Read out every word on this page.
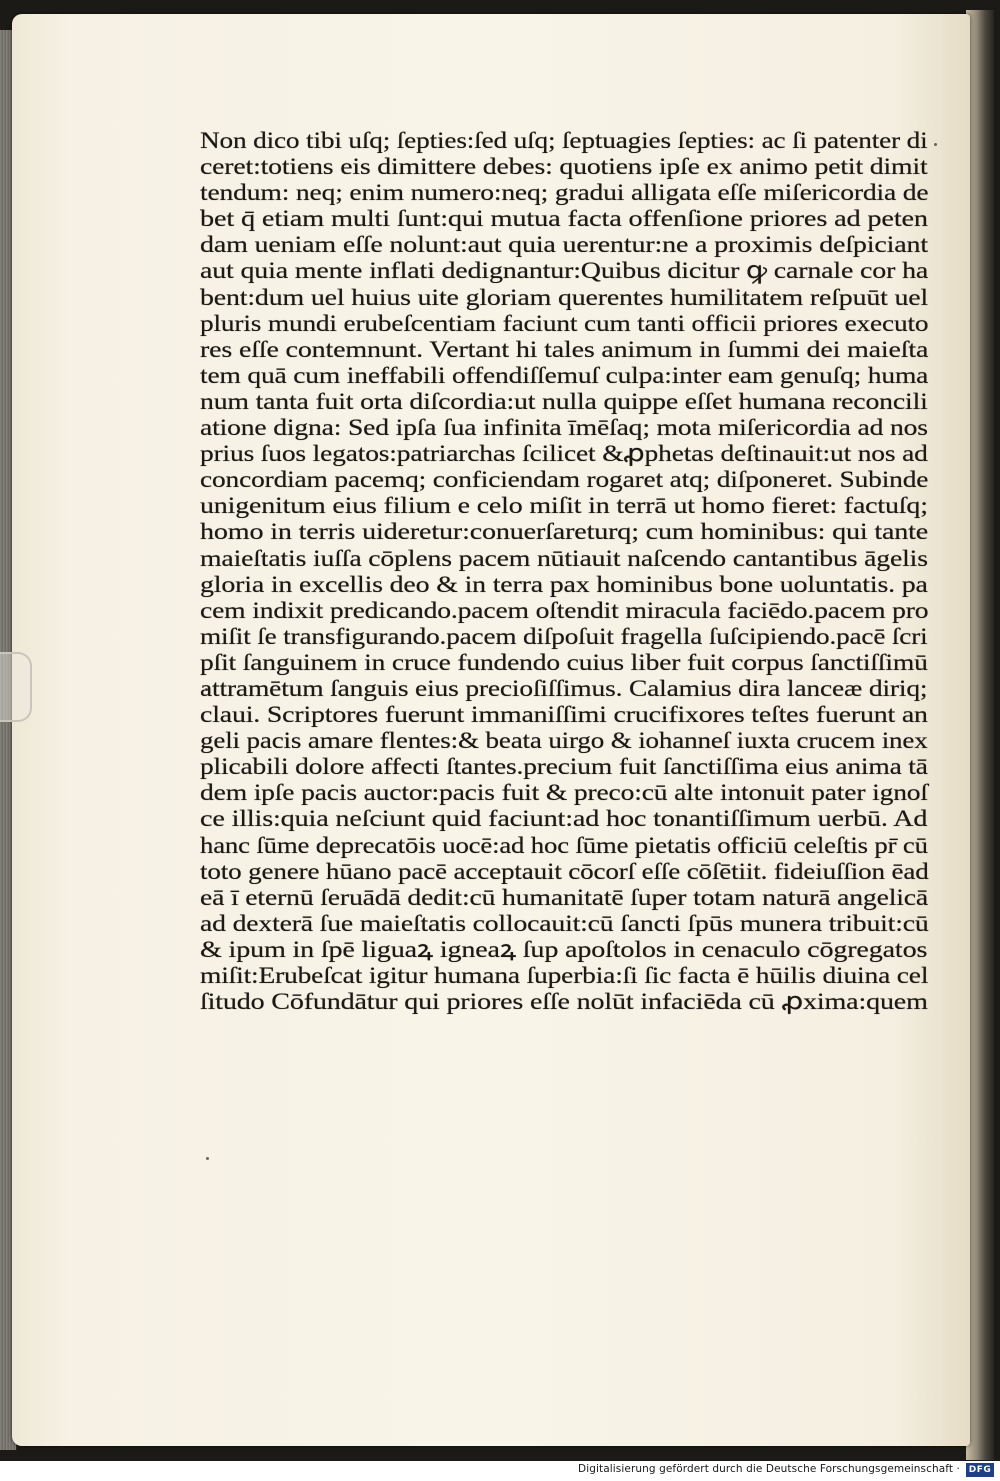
Non dico tibi uſq; ſepties:ſed uſq; ſeptuagies ſepties: ac ſi patenter di
ceret:totiens eis dimittere debes: quotiens ipſe ex animo petit dimit
tendum: neq; enim numero:neq; gradui alligata eſſe miſericordia de
bet q̄ etiam multi ſunt:qui mutua facta offenſione priores ad peten
dam ueniam eſſe nolunt:aut quia uerentur:ne a proximis deſpiciant
aut quia mente inflati dedignantur:Quibus dicitur ꝙ carnale cor ha
bent:dum uel huius uite gloriam querentes humilitatem reſpuūt uel
pluris mundi erubeſcentiam faciunt cum tanti officii priores executo
res eſſe contemnunt. Vertant hi tales animum in ſummi dei maieſta
tem quā cum ineffabili offendiſſemuſ culpa:inter eam genuſq; huma
num tanta fuit orta diſcordia:ut nulla quippe eſſet humana reconcili
atione digna: Sed ipſa ſua infinita īmēſaq; mota miſericordia ad nos
prius ſuos legatos:patriarchas ſcilicet &ꝓphetas deſtinauit:ut nos ad
concordiam pacemq; conficiendam rogaret atq; diſponeret. Subinde
unigenitum eius filium e celo miſit in terrā ut homo fieret: factuſq;
homo in terris uideretur:conuerſareturq; cum hominibus: qui tante
maieſtatis iuſſa cōplens pacem nūtiauit naſcendo cantantibus āgelis
gloria in excellis deo & in terra pax hominibus bone uoluntatis. pa
cem indixit predicando.pacem oſtendit miracula faciēdo.pacem pro
miſit ſe transfigurando.pacem diſpoſuit fragella ſuſcipiendo.pacē ſcri
pſit ſanguinem in cruce fundendo cuius liber fuit corpus ſanctiſſimū
attramētum ſanguis eius precioſiſſimus. Calamius dira lanceæ diriq;
claui. Scriptores fuerunt immaniſſimi crucifixores teſtes fuerunt an
geli pacis amare flentes:& beata uirgo & iohanneſ iuxta crucem inex
plicabili dolore affecti ſtantes.precium fuit ſanctiſſima eius anima tā
dem ipſe pacis auctor:pacis fuit & preco:cū alte intonuit pater ignoſ
ce illis:quia neſciunt quid faciunt:ad hoc tonantiſſimum uerbū. Ad
hanc ſūme deprecatōis uocē:ad hoc ſūme pietatis officiū celeſtis pr̄ cū
toto genere hūano pacē acceptauit cōcorſ eſſe cōſētiit. fideiuſſion ēad
eā ī eternū ſeruādā dedit:cū humanitatē ſuper totam naturā angelicā
ad dexterā ſue maieſtatis collocauit:cū ſancti ſpūs munera tribuit:cū
& ipum in ſpē liguaꝝ igneaꝝ ſup apoſtolos in cenaculo cōgregatos
miſit:Erubeſcat igitur humana ſuperbia:ſi ſic facta ē hūilis diuina cel
ſitudo Cōfundātur qui priores eſſe nolūt infaciēda cū ꝓxima:quem
Digitalisierung gefördert durch die Deutsche Forschungsgemeinschaft · DFG
